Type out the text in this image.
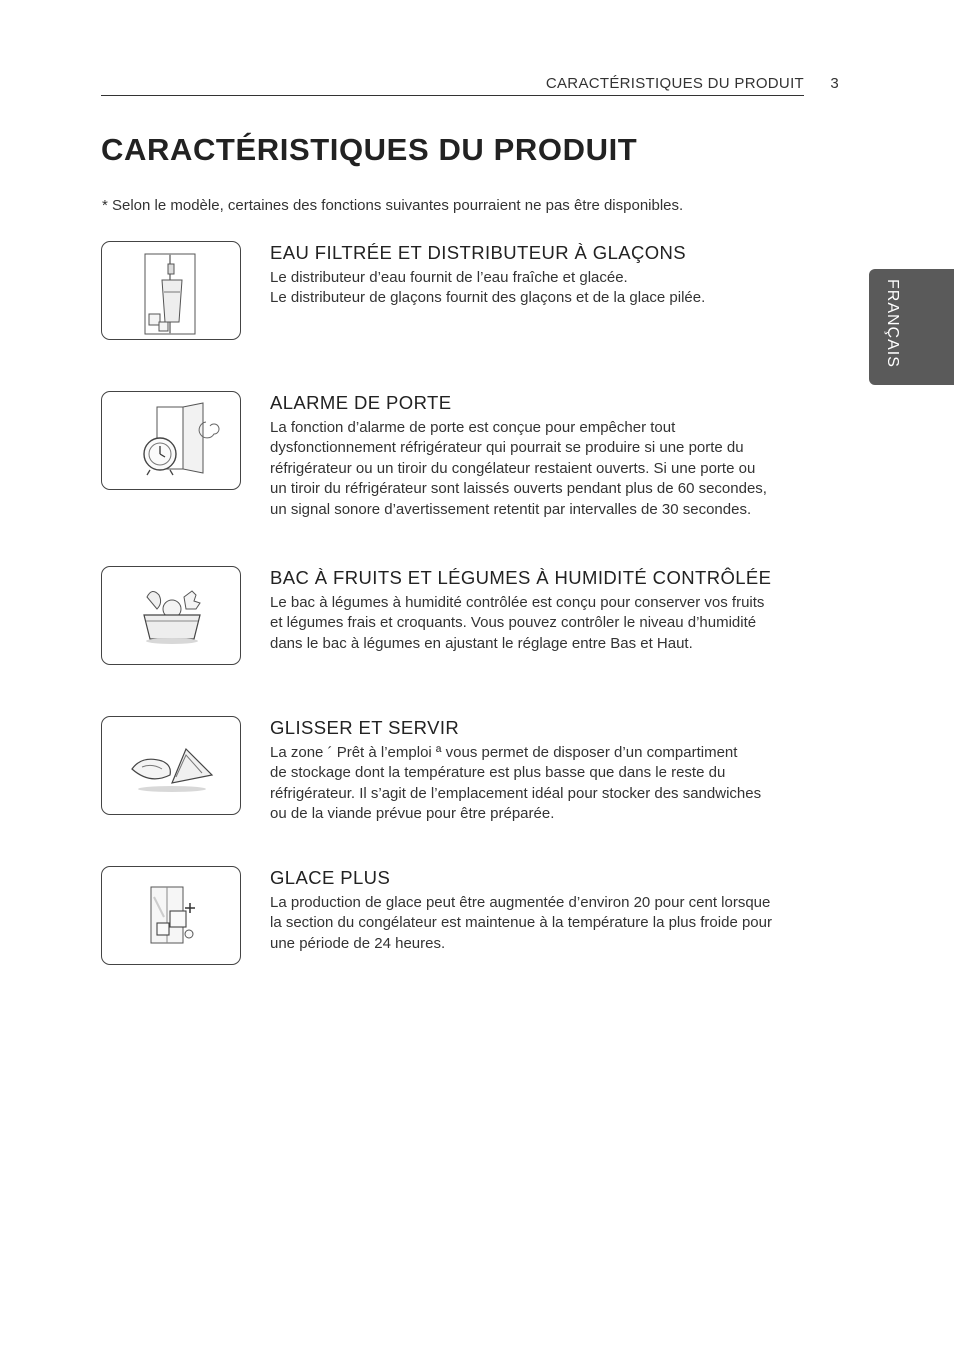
CARACTÉRISTIQUES DU PRODUIT 3
CARACTÉRISTIQUES DU PRODUIT
* Selon le modèle, certaines des fonctions suivantes pourraient ne pas être disponibles.
FRANÇAIS
EAU FILTRÉE ET DISTRIBUTEUR À GLAÇONS
Le distributeur d’eau fournit de l’eau fraîche et glacée.
Le distributeur de glaçons fournit des glaçons et de la glace pilée.
ALARME DE PORTE
La fonction d’alarme de porte est conçue pour empêcher tout
dysfonctionnement réfrigérateur qui pourrait se produire si une porte du
réfrigérateur ou un tiroir du congélateur restaient ouverts. Si une porte ou
un tiroir du réfrigérateur sont laissés ouverts pendant plus de 60 secondes,
un signal sonore d’avertissement retentit par intervalles de 30 secondes.
BAC À FRUITS ET LÉGUMES À HUMIDITÉ CONTRÔLÉE
Le bac à légumes à humidité contrôlée est conçu pour conserver vos fruits
et légumes frais et croquants. Vous pouvez contrôler le niveau d’humidité
dans le bac à légumes en ajustant le réglage entre Bas et Haut.
GLISSER ET SERVIR
La zone ´ Prêt à l’emploi ª vous permet de disposer d’un compartiment
de stockage dont la température est plus basse que dans le reste du
réfrigérateur. Il s’agit de l’emplacement idéal pour stocker des sandwiches
ou de la viande prévue pour être préparée.
GLACE PLUS
La production de glace peut être augmentée d’environ 20 pour cent lorsque
la section du congélateur est maintenue à la température la plus froide pour
une période de 24 heures.
